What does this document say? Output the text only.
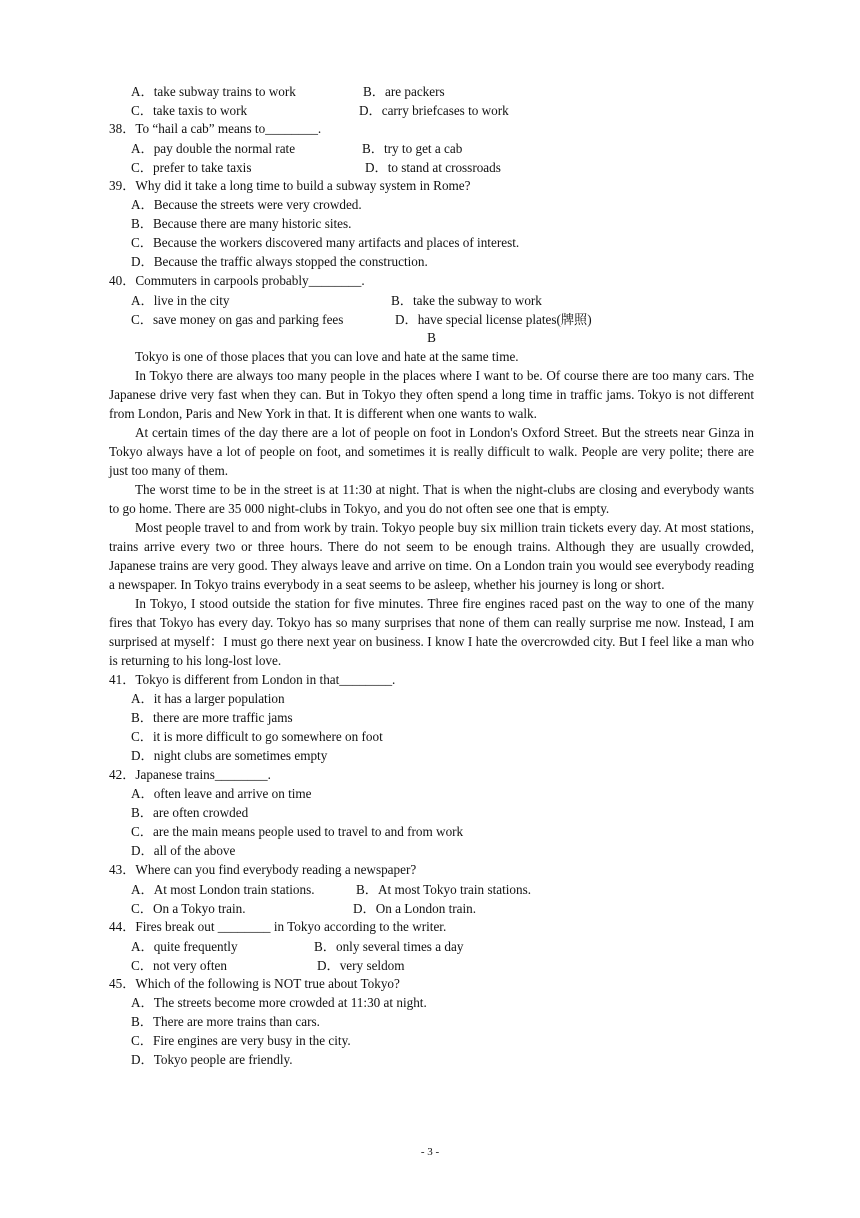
A．take subway trains to work	B．are packers
C．take taxis to work	D．carry briefcases to work
38．To “hail a cab” means to________.
A．pay double the normal rate	B．try to get a cab
C．prefer to take taxis	D．to stand at crossroads
39．Why did it take a long time to build a subway system in Rome?
A．Because the streets were very crowded.
B．Because there are many historic sites.
C．Because the workers discovered many artifacts and places of interest.
D．Because the traffic always stopped the construction.
40．Commuters in carpools probably________.
A．live in the city	B．take the subway to work
C．save money on gas and parking fees	D．have special license plates(牌照)
B

Tokyo is one of those places that you can love and hate at the same time.

In Tokyo there are always too many people in the places where I want to be. Of course there are too many cars. The Japanese drive very fast when they can. But in Tokyo they often spend a long time in traffic jams. Tokyo is not different from London, Paris and New York in that. It is different when one wants to walk.

At certain times of the day there are a lot of people on foot in London's Oxford Street. But the streets near Ginza in Tokyo always have a lot of people on foot, and sometimes it is really difficult to walk. People are very polite; there are just too many of them.

The worst time to be in the street is at 11:30 at night. That is when the night-clubs are closing and everybody wants to go home. There are 35 000 night-clubs in Tokyo, and you do not often see one that is empty.

Most people travel to and from work by train. Tokyo people buy six million train tickets every day. At most stations, trains arrive every two or three hours. There do not seem to be enough trains. Although they are usually crowded, Japanese trains are very good. They always leave and arrive on time. On a London train you would see everybody reading a newspaper. In Tokyo trains everybody in a seat seems to be asleep, whether his journey is long or short.

In Tokyo, I stood outside the station for five minutes. Three fire engines raced past on the way to one of the many fires that Tokyo has every day. Tokyo has so many surprises that none of them can really surprise me now. Instead, I am surprised at myself：I must go there next year on business. I know I hate the overcrowded city. But I feel like a man who is returning to his long-lost love.

41．Tokyo is different from London in that________.
A．it has a larger population
B．there are more traffic jams
C．it is more difficult to go somewhere on foot
D．night clubs are sometimes empty
42．Japanese trains________.
A．often leave and arrive on time
B．are often crowded
C．are the main means people used to travel to and from work
D．all of the above
43．Where can you find everybody reading a newspaper?
A．At most London train stations.	B．At most Tokyo train stations.
C．On a Tokyo train.	D．On a London train.
44．Fires break out ________ in Tokyo according to the writer.
A．quite frequently	B．only several times a day
C．not very often	D．very seldom
45．Which of the following is NOT true about Tokyo?
A．The streets become more crowded at 11:30 at night.
B．There are more trains than cars.
C．Fire engines are very busy in the city.
D．Tokyo people are friendly.
- 3 -
